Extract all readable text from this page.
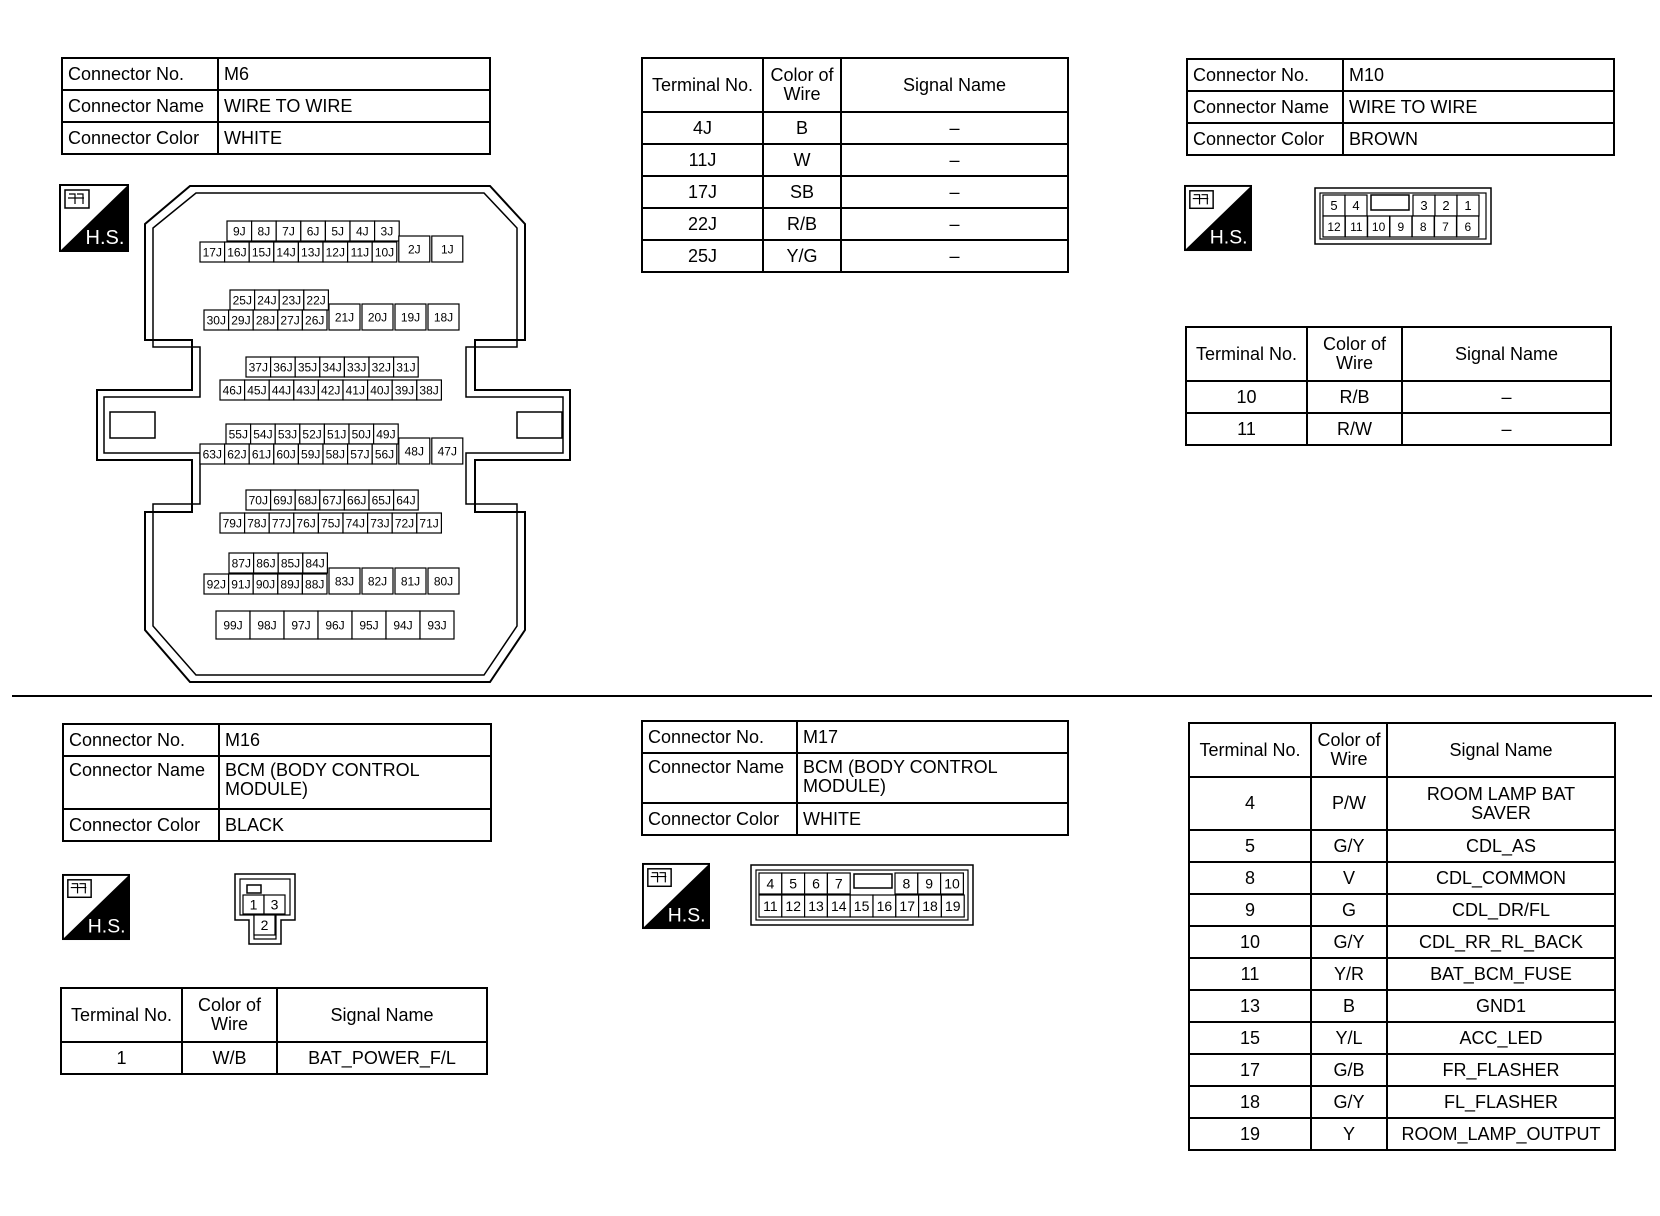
Connector No.	M6
Connector Name	WIRE TO WIRE
Connector Color	WHITE
H.S.	9J 8J 7J 6J 5J 4J 3J
17J 16J 15J 14J 13J 12J 11J 10J 2J 1J
25J 24J 23J 22J
30J 29J 28J 27J 26J 21J 20J 19J 18J
37J 36J 35J 34J 33J 32J 31J
46J 45J 44J 43J 42J 41J 40J 39J 38J
55J 54J 53J 52J 51J 50J 49J
63J 62J 61J 60J 59J 58J 57J 56J 48J 47J
70J 69J 68J 67J 66J 65J 64J
79J 78J 77J 76J 75J 74J 73J 72J 71J
87J 86J 85J 84J
92J 91J 90J 89J 88J 83J 82J 81J 80J
99J 98J 97J 96J 95J 94J 93J
Terminal No.	Color of Wire	Signal Name
4J	B	–
11J	W	–
17J	SB	–
22J	R/B	–
25J	Y/G	–
Connector No.	M10
Connector Name	WIRE TO WIRE
Connector Color	BROWN
H.S.
5 4	3 2 1
12 11 10 9 8 7 6
Terminal No.	Color of Wire	Signal Name
10	R/B	–
11	R/W	–
Connector No.	M16
Connector Name	BCM (BODY CONTROL MODULE)
Connector Color	BLACK
H.S.
1 3
2
Terminal No.	Color of Wire	Signal Name
1	W/B	BAT_POWER_F/L
Connector No.	M17
Connector Name	BCM (BODY CONTROL MODULE)
Connector Color	WHITE
H.S.
4 5 6 7	8 9 10
11 12 13 14 15 16 17 18 19
Terminal No.	Color of Wire	Signal Name
4	P/W	ROOM LAMP BAT SAVER
5	G/Y	CDL_AS
8	V	CDL_COMMON
9	G	CDL_DR/FL
10	G/Y	CDL_RR_RL_BACK
11	Y/R	BAT_BCM_FUSE
13	B	GND1
15	Y/L	ACC_LED
17	G/B	FR_FLASHER
18	G/Y	FL_FLASHER
19	Y	ROOM_LAMP_OUTPUT
